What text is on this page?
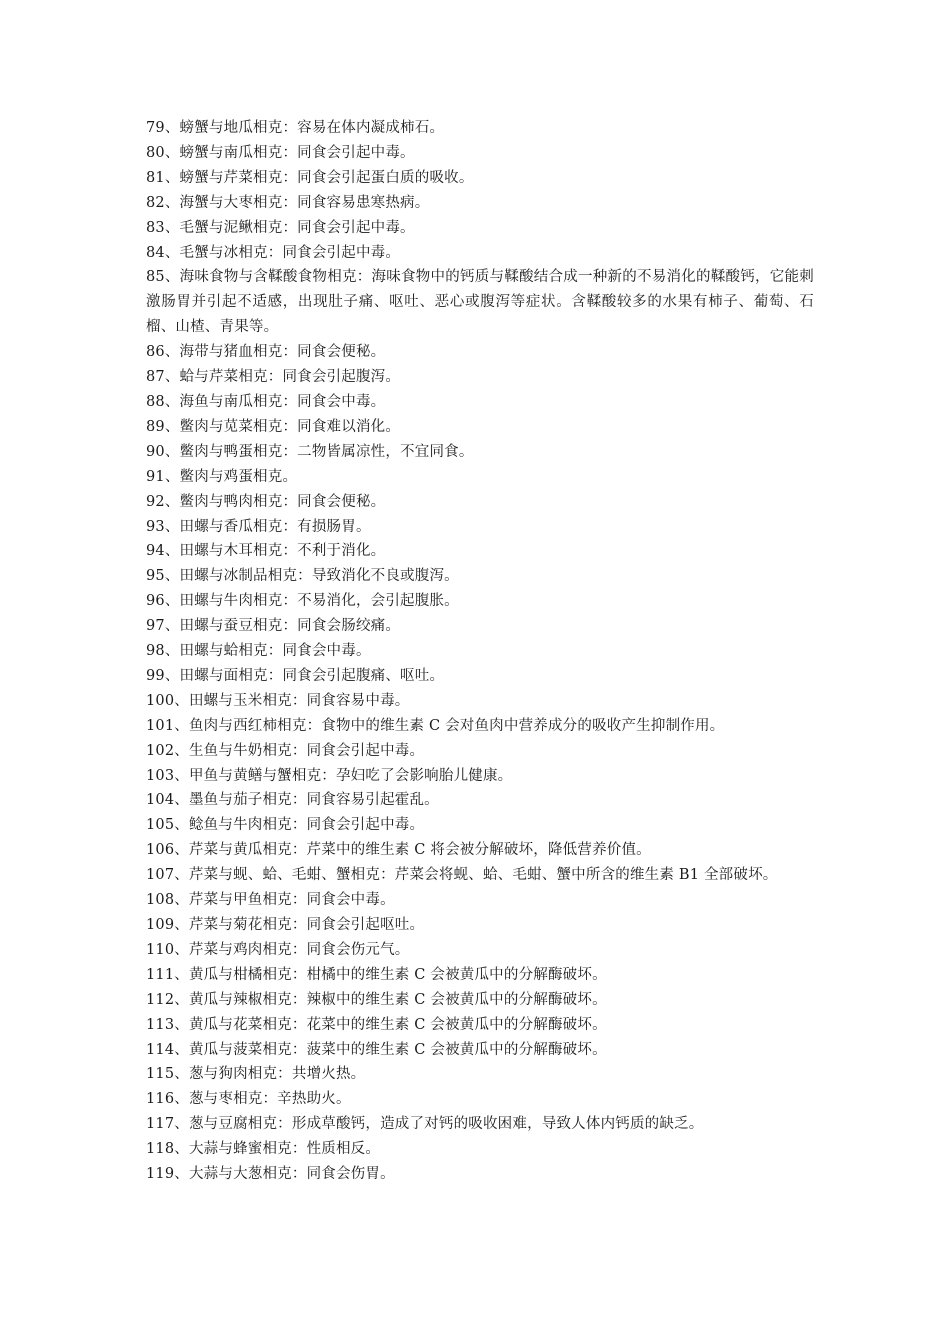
79、螃蟹与地瓜相克：容易在体内凝成柿石。

80、螃蟹与南瓜相克：同食会引起中毒。

81、螃蟹与芹菜相克：同食会引起蛋白质的吸收。

82、海蟹与大枣相克：同食容易患寒热病。

83、毛蟹与泥鳅相克：同食会引起中毒。

84、毛蟹与冰相克：同食会引起中毒。

85、海味食物与含鞣酸食物相克：海味食物中的钙质与鞣酸结合成一种新的不易消化的鞣酸钙，它能刺激肠胃并引起不适感，出现肚子痛、呕吐、恶心或腹泻等症状。含鞣酸较多的水果有柿子、葡萄、石榴、山楂、青果等。

86、海带与猪血相克：同食会便秘。

87、蛤与芹菜相克：同食会引起腹泻。

88、海鱼与南瓜相克：同食会中毒。

89、鳖肉与苋菜相克：同食难以消化。

90、鳖肉与鸭蛋相克：二物皆属凉性，不宜同食。

91、鳖肉与鸡蛋相克。

92、鳖肉与鸭肉相克：同食会便秘。

93、田螺与香瓜相克：有损肠胃。

94、田螺与木耳相克：不利于消化。

95、田螺与冰制品相克：导致消化不良或腹泻。

96、田螺与牛肉相克：不易消化，会引起腹胀。

97、田螺与蚕豆相克：同食会肠绞痛。

98、田螺与蛤相克：同食会中毒。

99、田螺与面相克：同食会引起腹痛、呕吐。

100、田螺与玉米相克：同食容易中毒。

101、鱼肉与西红柿相克：食物中的维生素 C 会对鱼肉中营养成分的吸收产生抑制作用。

102、生鱼与牛奶相克：同食会引起中毒。

103、甲鱼与黄鳝与蟹相克：孕妇吃了会影响胎儿健康。

104、墨鱼与茄子相克：同食容易引起霍乱。

105、鲶鱼与牛肉相克：同食会引起中毒。

106、芹菜与黄瓜相克：芹菜中的维生素 C 将会被分解破坏，降低营养价值。

107、芹菜与蚬、蛤、毛蚶、蟹相克：芹菜会将蚬、蛤、毛蚶、蟹中所含的维生素 B1 全部破坏。

108、芹菜与甲鱼相克：同食会中毒。

109、芹菜与菊花相克：同食会引起呕吐。

110、芹菜与鸡肉相克：同食会伤元气。

111、黄瓜与柑橘相克：柑橘中的维生素 C 会被黄瓜中的分解酶破坏。

112、黄瓜与辣椒相克：辣椒中的维生素 C 会被黄瓜中的分解酶破坏。

113、黄瓜与花菜相克：花菜中的维生素 C 会被黄瓜中的分解酶破坏。

114、黄瓜与菠菜相克：菠菜中的维生素 C 会被黄瓜中的分解酶破坏。

115、葱与狗肉相克：共增火热。

116、葱与枣相克：辛热助火。

117、葱与豆腐相克：形成草酸钙，造成了对钙的吸收困难，导致人体内钙质的缺乏。

118、大蒜与蜂蜜相克：性质相反。

119、大蒜与大葱相克：同食会伤胃。
